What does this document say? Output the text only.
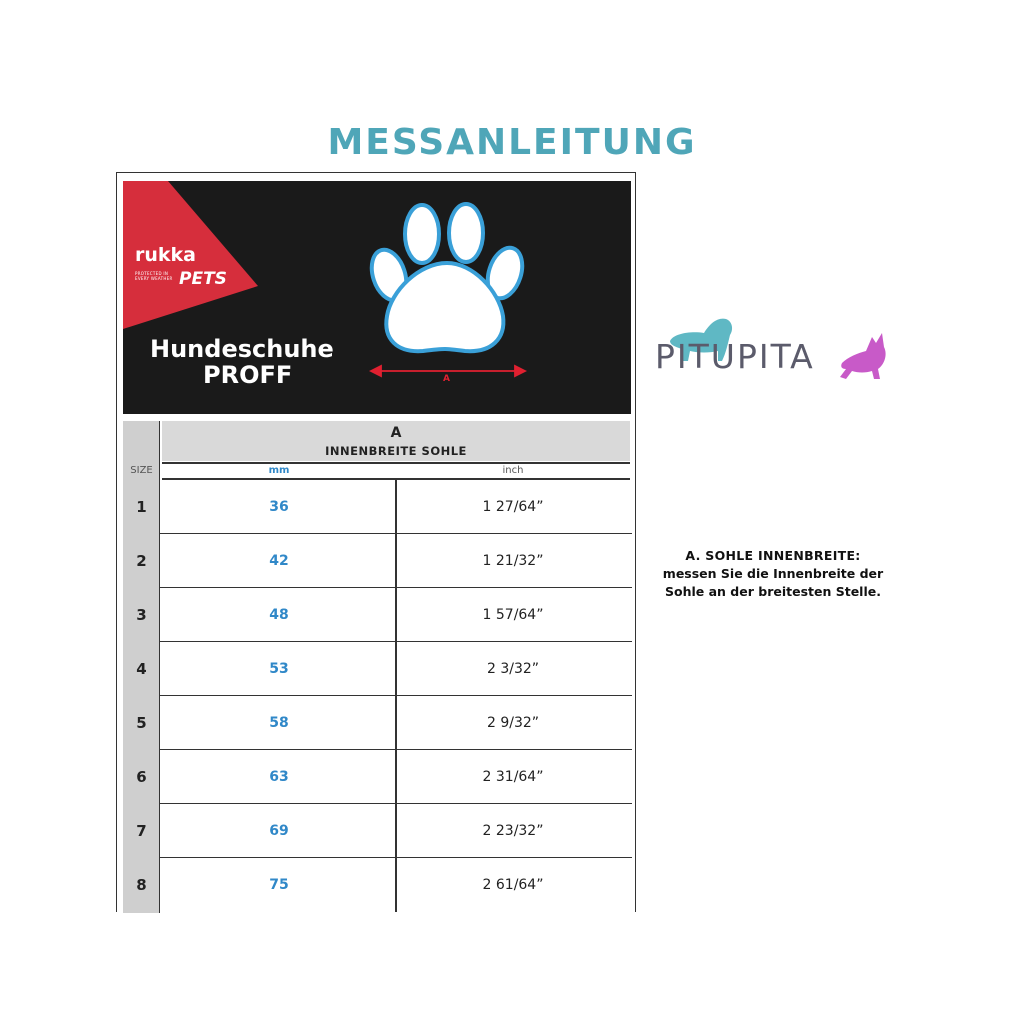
MESSANLEITUNG
rukka
PROTECTED IN EVERY WEATHER PETS
Hundeschuhe
PROFF	A
A
INNENBREITE SOHLE
SIZE	mm	inch
1	36	1 27/64”
2	42	1 21/32”
3	48	1 57/64”
4	53	2 3/32”
5	58	2 9/32”
6	63	2 31/64”
7	69	2 23/32”
8	75	2 61/64”
PITUPITA
A. SOHLE INNENBREITE:
messen Sie die Innenbreite der
Sohle an der breitesten Stelle.
